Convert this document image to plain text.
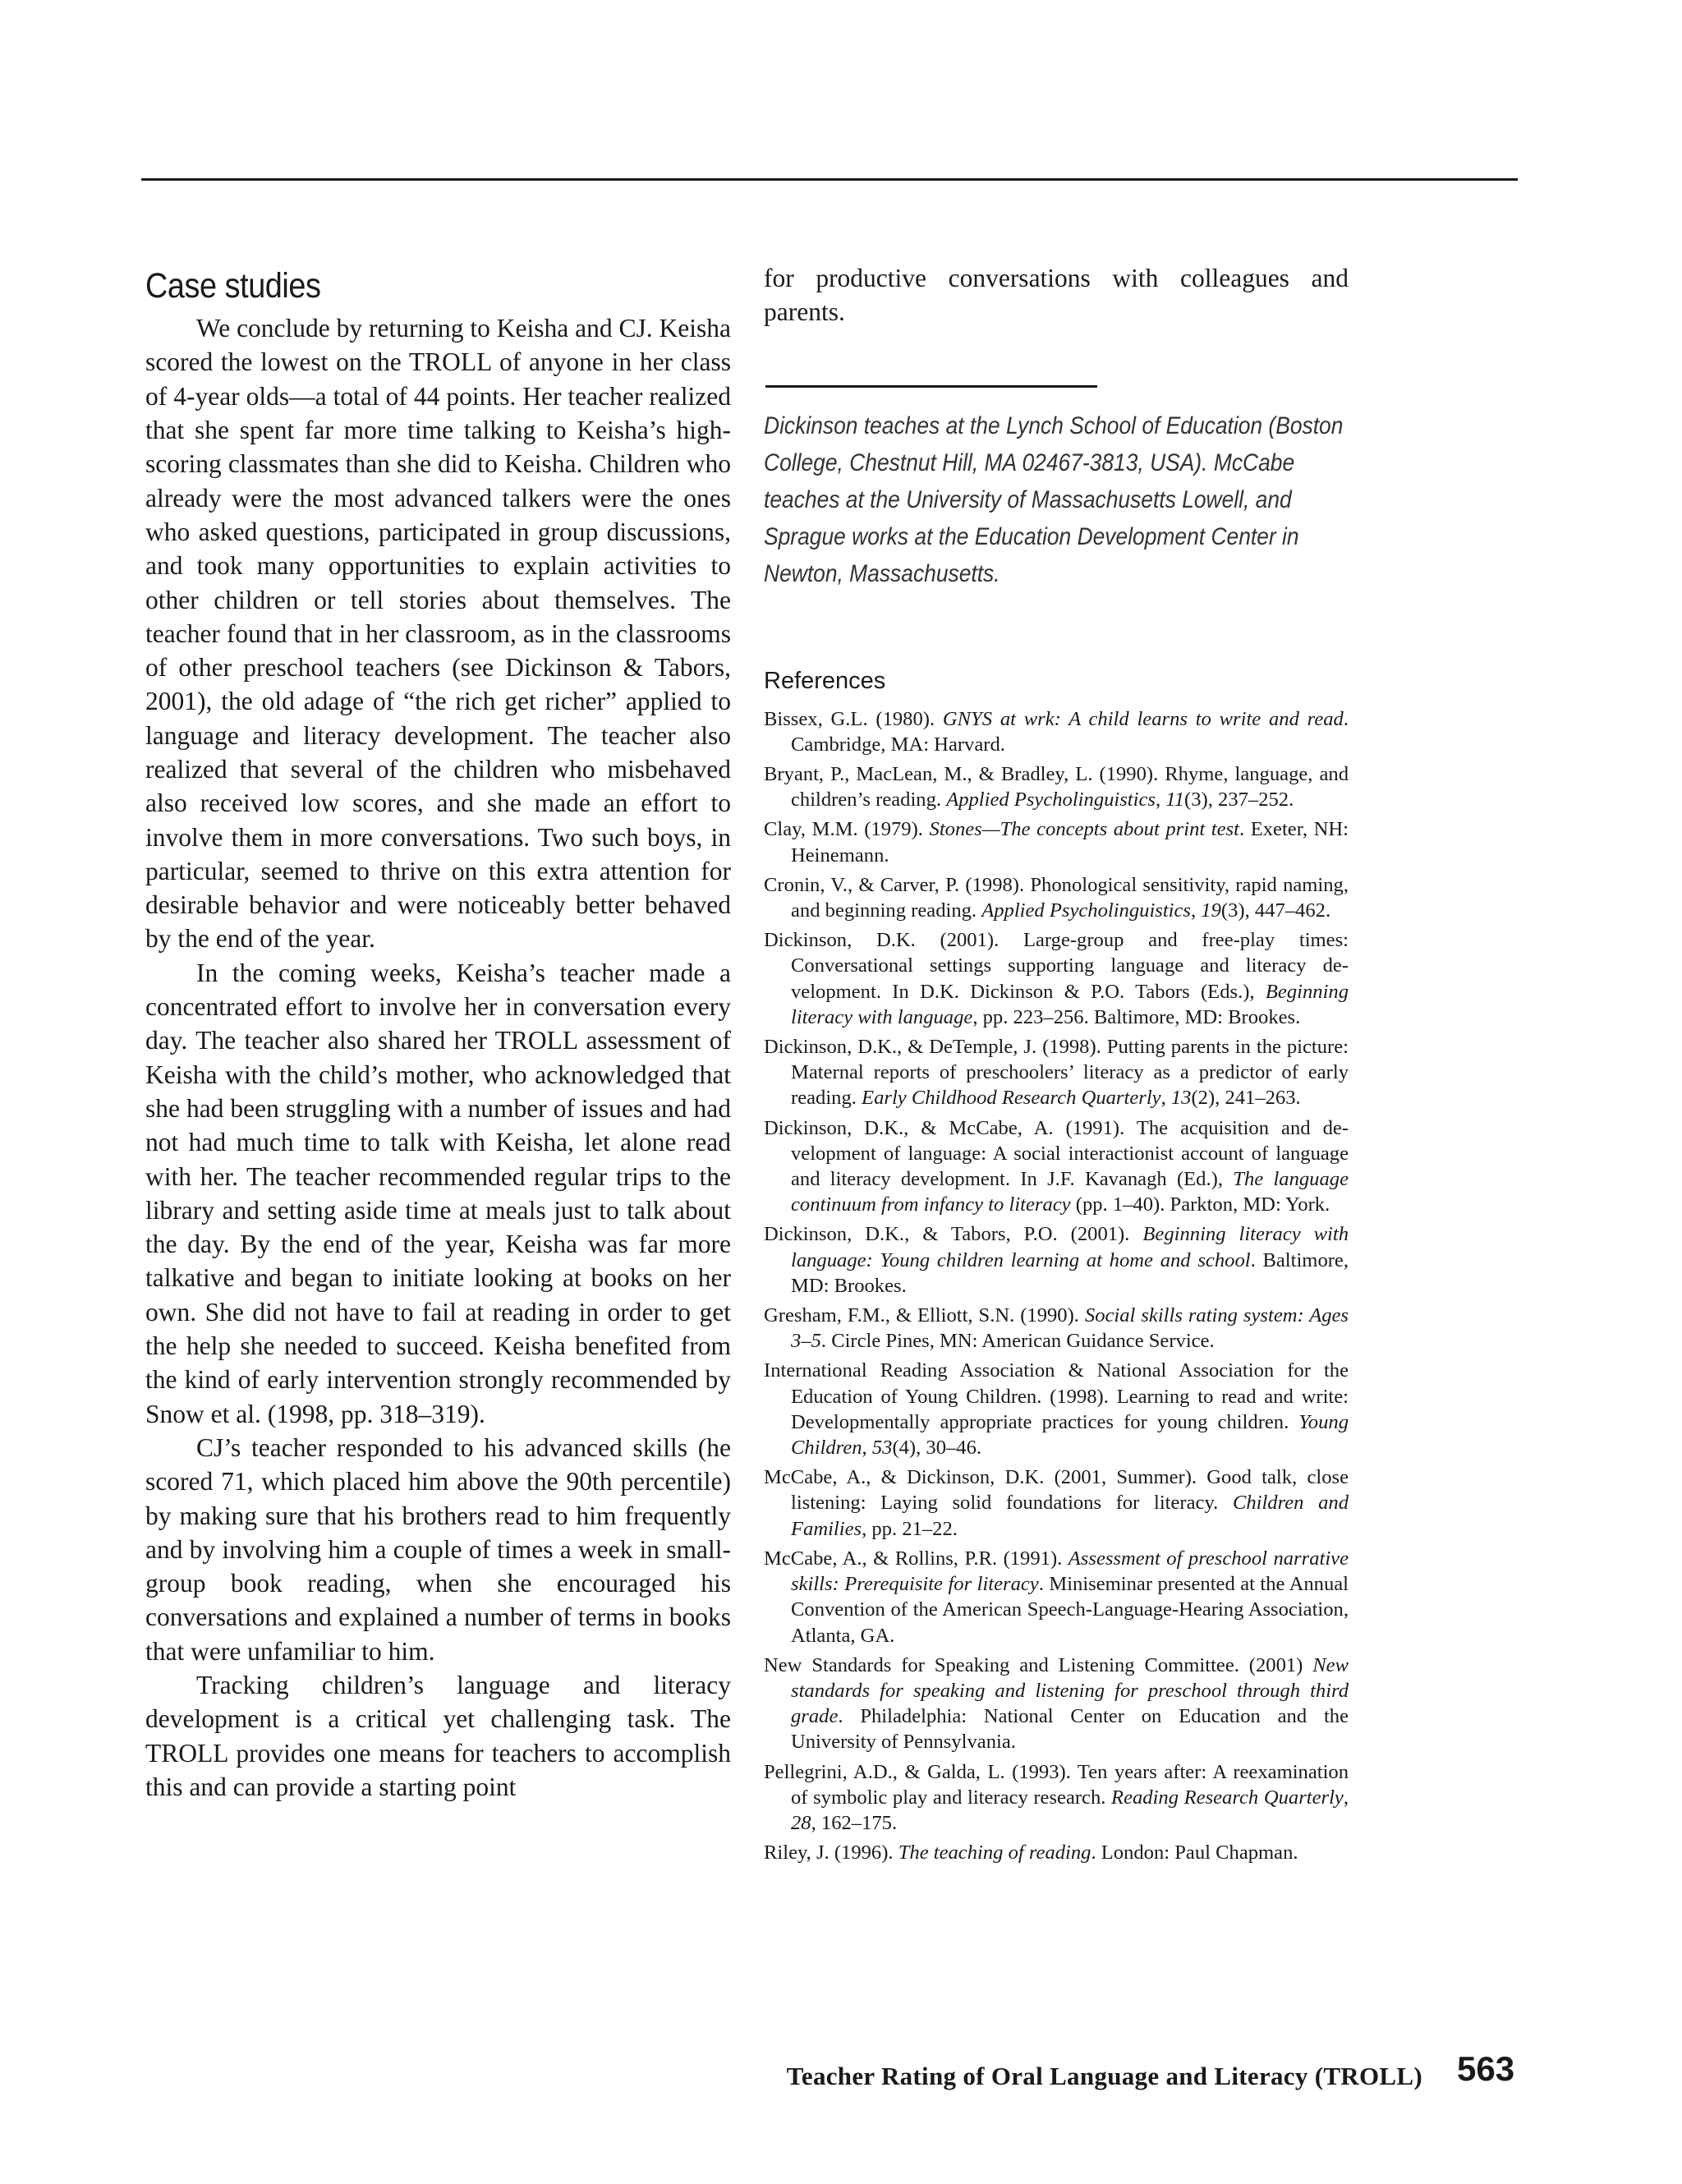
Case studies

We conclude by returning to Keisha and CJ. Keisha scored the lowest on the TROLL of anyone in her class of 4-year olds—a total of 44 points. Her teacher realized that she spent far more time talking to Keisha’s high-scoring classmates than she did to Keisha. Children who already were the most advanced talkers were the ones who asked questions, participated in group discussions, and took many opportunities to explain activities to other children or tell stories about themselves. The teacher found that in her classroom, as in the classrooms of other preschool teachers (see Dickinson & Tabors, 2001), the old adage of “the rich get richer” applied to language and literacy development. The teacher also realized that several of the children who misbehaved also received low scores, and she made an effort to involve them in more conversations. Two such boys, in particular, seemed to thrive on this extra attention for desirable behavior and were noticeably better behaved by the end of the year.

In the coming weeks, Keisha’s teacher made a concentrated effort to involve her in conversation every day. The teacher also shared her TROLL assessment of Keisha with the child’s mother, who acknowledged that she had been struggling with a number of issues and had not had much time to talk with Keisha, let alone read with her. The teacher recommended regular trips to the library and setting aside time at meals just to talk about the day. By the end of the year, Keisha was far more talkative and began to initiate looking at books on her own. She did not have to fail at reading in order to get the help she needed to succeed. Keisha benefited from the kind of early intervention strongly recommended by Snow et al. (1998, pp. 318–319).

CJ’s teacher responded to his advanced skills (he scored 71, which placed him above the 90th percentile) by making sure that his brothers read to him frequently and by involving him a couple of times a week in small-group book reading, when she encouraged his conversations and explained a number of terms in books that were unfamiliar to him.

Tracking children’s language and literacy development is a critical yet challenging task. The TROLL provides one means for teachers to accomplish this and can provide a starting point

for productive conversations with colleagues and parents.

Dickinson teaches at the Lynch School of Education (Boston College, Chestnut Hill, MA 02467-3813, USA). McCabe teaches at the University of Massachusetts Lowell, and Sprague works at the Education Development Center in Newton, Massachusetts.

References
Bissex, G.L. (1980). GNYS at wrk: A child learns to write and read. Cambridge, MA: Harvard.
Bryant, P., MacLean, M., & Bradley, L. (1990). Rhyme, language, and children’s reading. Applied Psycholinguistics, 11(3), 237–252.
Clay, M.M. (1979). Stones—The concepts about print test. Exeter, NH: Heinemann.
Cronin, V., & Carver, P. (1998). Phonological sensitivity, rapid naming, and beginning reading. Applied Psycholinguistics, 19(3), 447–462.
Dickinson, D.K. (2001). Large-group and free-play times: Conversational settings supporting language and literacy development. In D.K. Dickinson & P.O. Tabors (Eds.), Beginning literacy with language, pp. 223–256. Baltimore, MD: Brookes.
Dickinson, D.K., & DeTemple, J. (1998). Putting parents in the picture: Maternal reports of preschoolers’ literacy as a predictor of early reading. Early Childhood Research Quarterly, 13(2), 241–263.
Dickinson, D.K., & McCabe, A. (1991). The acquisition and development of language: A social interactionist account of language and literacy development. In J.F. Kavanagh (Ed.), The language continuum from infancy to literacy (pp. 1–40). Parkton, MD: York.
Dickinson, D.K., & Tabors, P.O. (2001). Beginning literacy with language: Young children learning at home and school. Baltimore, MD: Brookes.
Gresham, F.M., & Elliott, S.N. (1990). Social skills rating system: Ages 3–5. Circle Pines, MN: American Guidance Service.
International Reading Association & National Association for the Education of Young Children. (1998). Learning to read and write: Developmentally appropriate practices for young children. Young Children, 53(4), 30–46.
McCabe, A., & Dickinson, D.K. (2001, Summer). Good talk, close listening: Laying solid foundations for literacy. Children and Families, pp. 21–22.
McCabe, A., & Rollins, P.R. (1991). Assessment of preschool narrative skills: Prerequisite for literacy. Miniseminar presented at the Annual Convention of the American Speech-Language-Hearing Association, Atlanta, GA.
New Standards for Speaking and Listening Committee. (2001) New standards for speaking and listening for preschool through third grade. Philadelphia: National Center on Education and the University of Pennsylvania.
Pellegrini, A.D., & Galda, L. (1993). Ten years after: A reexamination of symbolic play and literacy research. Reading Research Quarterly, 28, 162–175.
Riley, J. (1996). The teaching of reading. London: Paul Chapman.
Teacher Rating of Oral Language and Literacy (TROLL) 563
